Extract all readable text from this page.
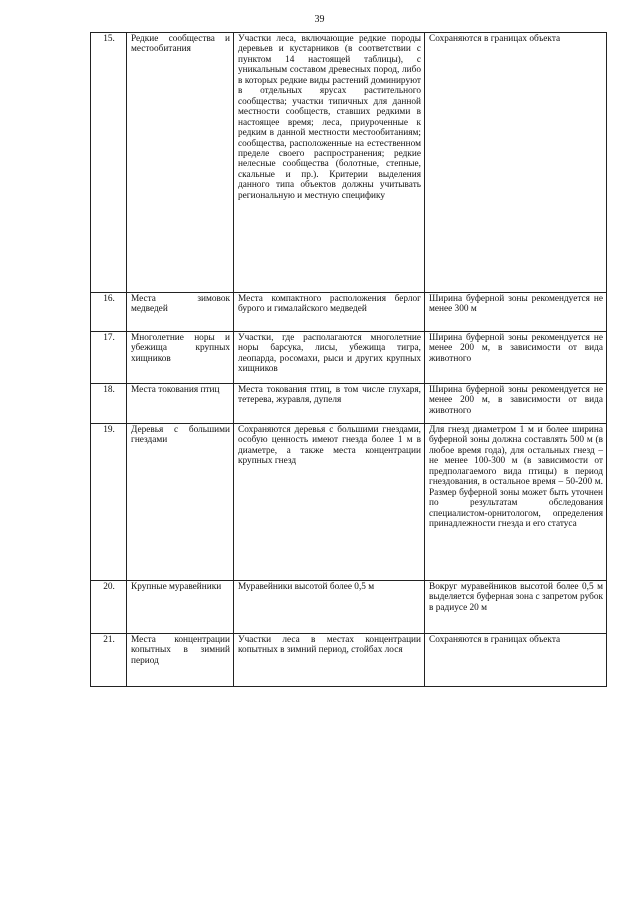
39
15.	Редкие сообщества и местообитания	Участки леса, включающие редкие породы деревьев и кустарников (в соответствии с пунктом 14 настоящей таблицы), с уникальным составом древесных пород, либо в которых редкие виды растений доминируют в отдельных ярусах растительного сообщества; участки типичных для данной местности сообществ, ставших редкими в настоящее время; леса, приуроченные к редким в данной местности местообитаниям; сообщества, расположенные на естественном пределе своего распространения; редкие нелесные сообщества (болотные, степные, скальные и пр.). Критерии выделения данного типа объектов должны учитывать региональную и местную специфику	Сохраняются в границах объекта
16.	Места зимовок медведей	Места компактного расположения берлог бурого и гималайского медведей	Ширина буферной зоны рекомендуется не менее 300 м
17.	Многолетние норы и убежища крупных хищников	Участки, где располагаются многолетние норы барсука, лисы, убежища тигра, леопарда, росомахи, рыси и других крупных хищников	Ширина буферной зоны рекомендуется не менее 200 м, в зависимости от вида животного
18.	Места токования птиц	Места токования птиц, в том числе глухаря, тетерева, журавля, дупеля	Ширина буферной зоны рекомендуется не менее 200 м, в зависимости от вида животного
19.	Деревья с большими гнездами	Сохраняются деревья с большими гнездами, особую ценность имеют гнезда более 1 м в диаметре, а также места концентрации крупных гнезд	Для гнезд диаметром 1 м и более ширина буферной зоны должна составлять 500 м (в любое время года), для остальных гнезд – не менее 100-300 м (в зависимости от предполагаемого вида птицы) в период гнездования, в остальное время – 50-200 м. Размер буферной зоны может быть уточнен по результатам обследования специалистом-орнитологом, определения принадлежности гнезда и его статуса
20.	Крупные муравейники	Муравейники высотой более 0,5 м	Вокруг муравейников высотой более 0,5 м выделяется буферная зона с запретом рубок в радиусе 20 м
21.	Места концентрации копытных в зимний период	Участки леса в местах концентрации копытных в зимний период, стойбах лося	Сохраняются в границах объекта
